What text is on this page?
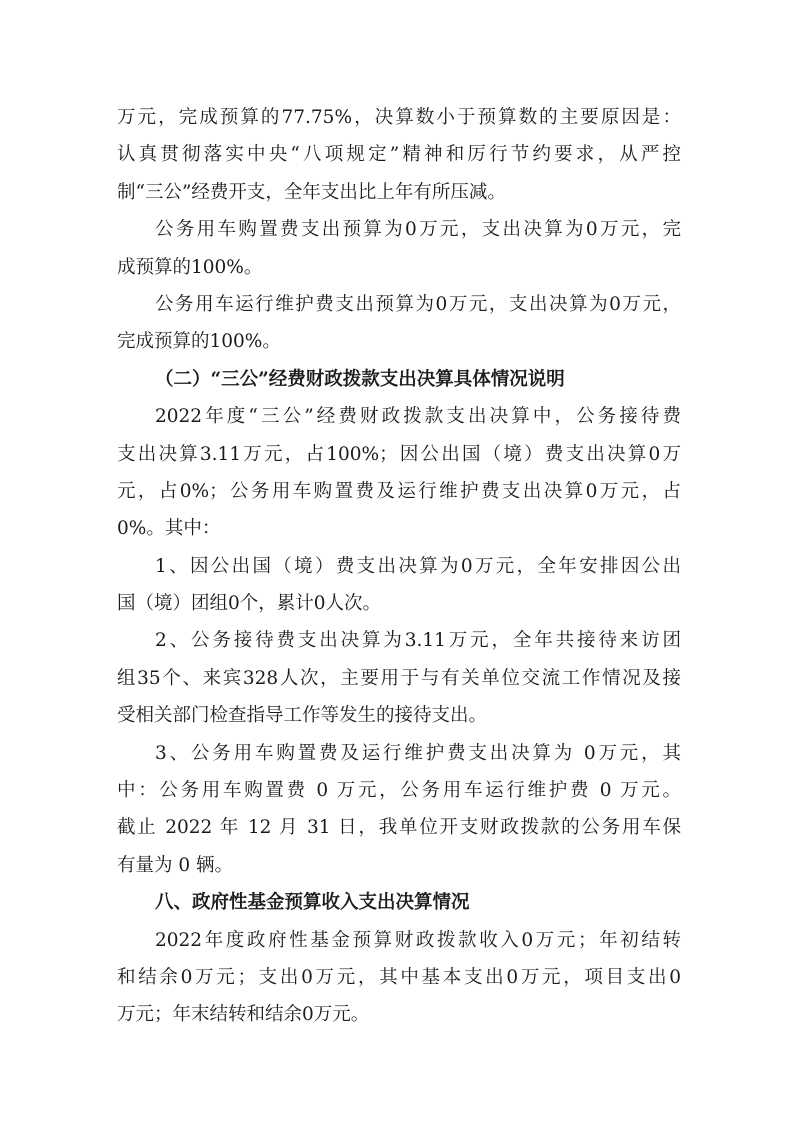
万元，完成预算的77.75%，决算数小于预算数的主要原因是：
认真贯彻落实中央“八项规定”精神和厉行节约要求，从严控
制“三公”经费开支，全年支出比上年有所压减。
公务用车购置费支出预算为0万元，支出决算为0万元，完
成预算的100%。
公务用车运行维护费支出预算为0万元，支出决算为0万元，
完成预算的100%。
（二）“三公”经费财政拨款支出决算具体情况说明
2022年度“三公”经费财政拨款支出决算中，公务接待费
支出决算3.11万元，占100%；因公出国（境）费支出决算0万
元，占0%；公务用车购置费及运行维护费支出决算0万元，占
0%。其中：
1、因公出国（境）费支出决算为0万元，全年安排因公出
国（境）团组0个，累计0人次。
2、公务接待费支出决算为3.11万元，全年共接待来访团
组35个、来宾328人次，主要用于与有关单位交流工作情况及接
受相关部门检查指导工作等发生的接待支出。
3、公务用车购置费及运行维护费支出决算为 0万元，其
中：公务用车购置费 0 万元，公务用车运行维护费 0 万元。
截止 2022 年 12 月 31 日，我单位开支财政拨款的公务用车保
有量为 0 辆。
八、政府性基金预算收入支出决算情况
2022年度政府性基金预算财政拨款收入0万元；年初结转
和结余0万元；支出0万元，其中基本支出0万元，项目支出0
万元；年末结转和结余0万元。
